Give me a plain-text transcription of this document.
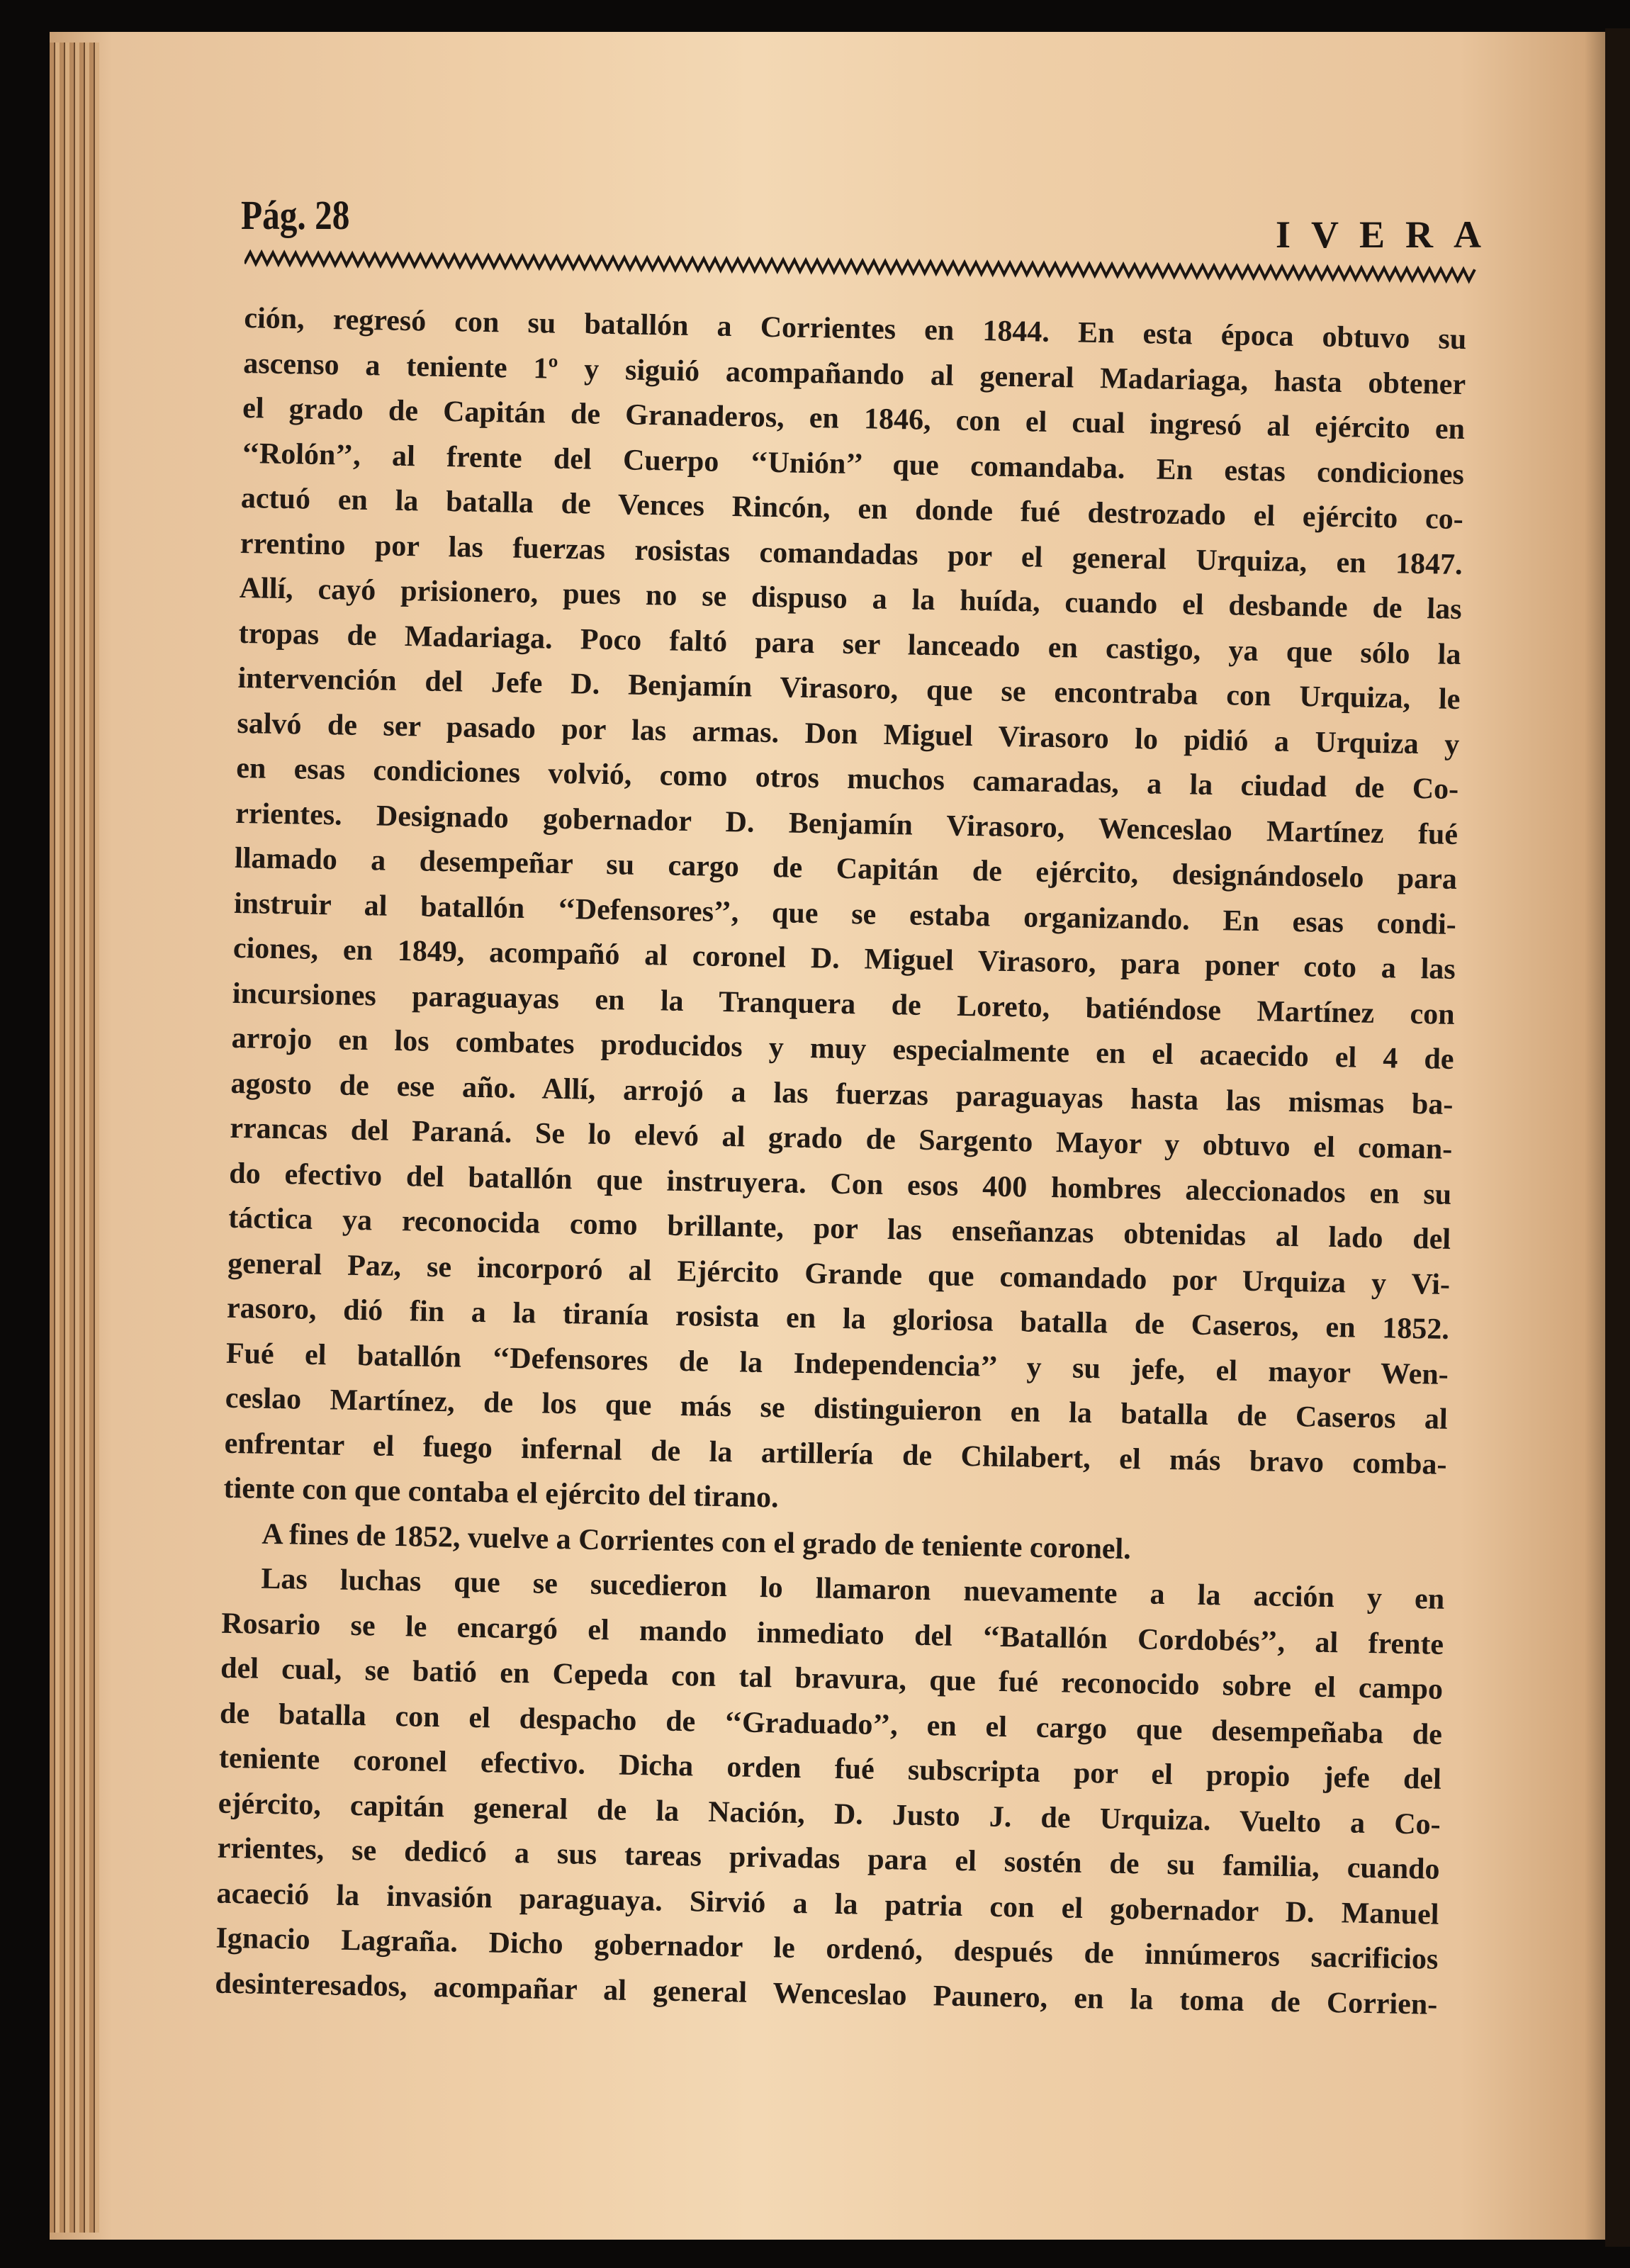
Pág. 28	I V E R A
ción, regresó con su batallón a Corrientes en 1844. En esta época obtuvo su
ascenso a teniente 1º y siguió acompañando al general Madariaga, hasta obtener
el grado de Capitán de Granaderos, en 1846, con el cual ingresó al ejército en
‘‘Rolón’’, al frente del Cuerpo ‘‘Unión’’ que comandaba. En estas condiciones
actuó en la batalla de Vences Rincón, en donde fué destrozado el ejército co-
rrentino por las fuerzas rosistas comandadas por el general Urquiza, en 1847.
Allí, cayó prisionero, pues no se dispuso a la huída, cuando el desbande de las
tropas de Madariaga. Poco faltó para ser lanceado en castigo, ya que sólo la
intervención del Jefe D. Benjamín Virasoro, que se encontraba con Urquiza, le
salvó de ser pasado por las armas. Don Miguel Virasoro lo pidió a Urquiza y
en esas condiciones volvió, como otros muchos camaradas, a la ciudad de Co-
rrientes. Designado gobernador D. Benjamín Virasoro, Wenceslao Martínez fué
llamado a desempeñar su cargo de Capitán de ejército, designándoselo para
instruir al batallón ‘‘Defensores’’, que se estaba organizando. En esas condi-
ciones, en 1849, acompañó al coronel D. Miguel Virasoro, para poner coto a las
incursiones paraguayas en la Tranquera de Loreto, batiéndose Martínez con
arrojo en los combates producidos y muy especialmente en el acaecido el 4 de
agosto de ese año. Allí, arrojó a las fuerzas paraguayas hasta las mismas ba-
rrancas del Paraná. Se lo elevó al grado de Sargento Mayor y obtuvo el coman-
do efectivo del batallón que instruyera. Con esos 400 hombres aleccionados en su
táctica ya reconocida como brillante, por las enseñanzas obtenidas al lado del
general Paz, se incorporó al Ejército Grande que comandado por Urquiza y Vi-
rasoro, dió fin a la tiranía rosista en la gloriosa batalla de Caseros, en 1852.
Fué el batallón ‘‘Defensores de la Independencia’’ y su jefe, el mayor Wen-
ceslao Martínez, de los que más se distinguieron en la batalla de Caseros al
enfrentar el fuego infernal de la artillería de Chilabert, el más bravo comba-
tiente con que contaba el ejército del tirano.
A fines de 1852, vuelve a Corrientes con el grado de teniente coronel.
Las luchas que se sucedieron lo llamaron nuevamente a la acción y en
Rosario se le encargó el mando inmediato del ‘‘Batallón Cordobés’’, al frente
del cual, se batió en Cepeda con tal bravura, que fué reconocido sobre el campo
de batalla con el despacho de ‘‘Graduado’’, en el cargo que desempeñaba de
teniente coronel efectivo. Dicha orden fué subscripta por el propio jefe del
ejército, capitán general de la Nación, D. Justo J. de Urquiza. Vuelto a Co-
rrientes, se dedicó a sus tareas privadas para el sostén de su familia, cuando
acaeció la invasión paraguaya. Sirvió a la patria con el gobernador D. Manuel
Ignacio Lagraña. Dicho gobernador le ordenó, después de innúmeros sacrificios
desinteresados, acompañar al general Wenceslao Paunero, en la toma de Corrien-
